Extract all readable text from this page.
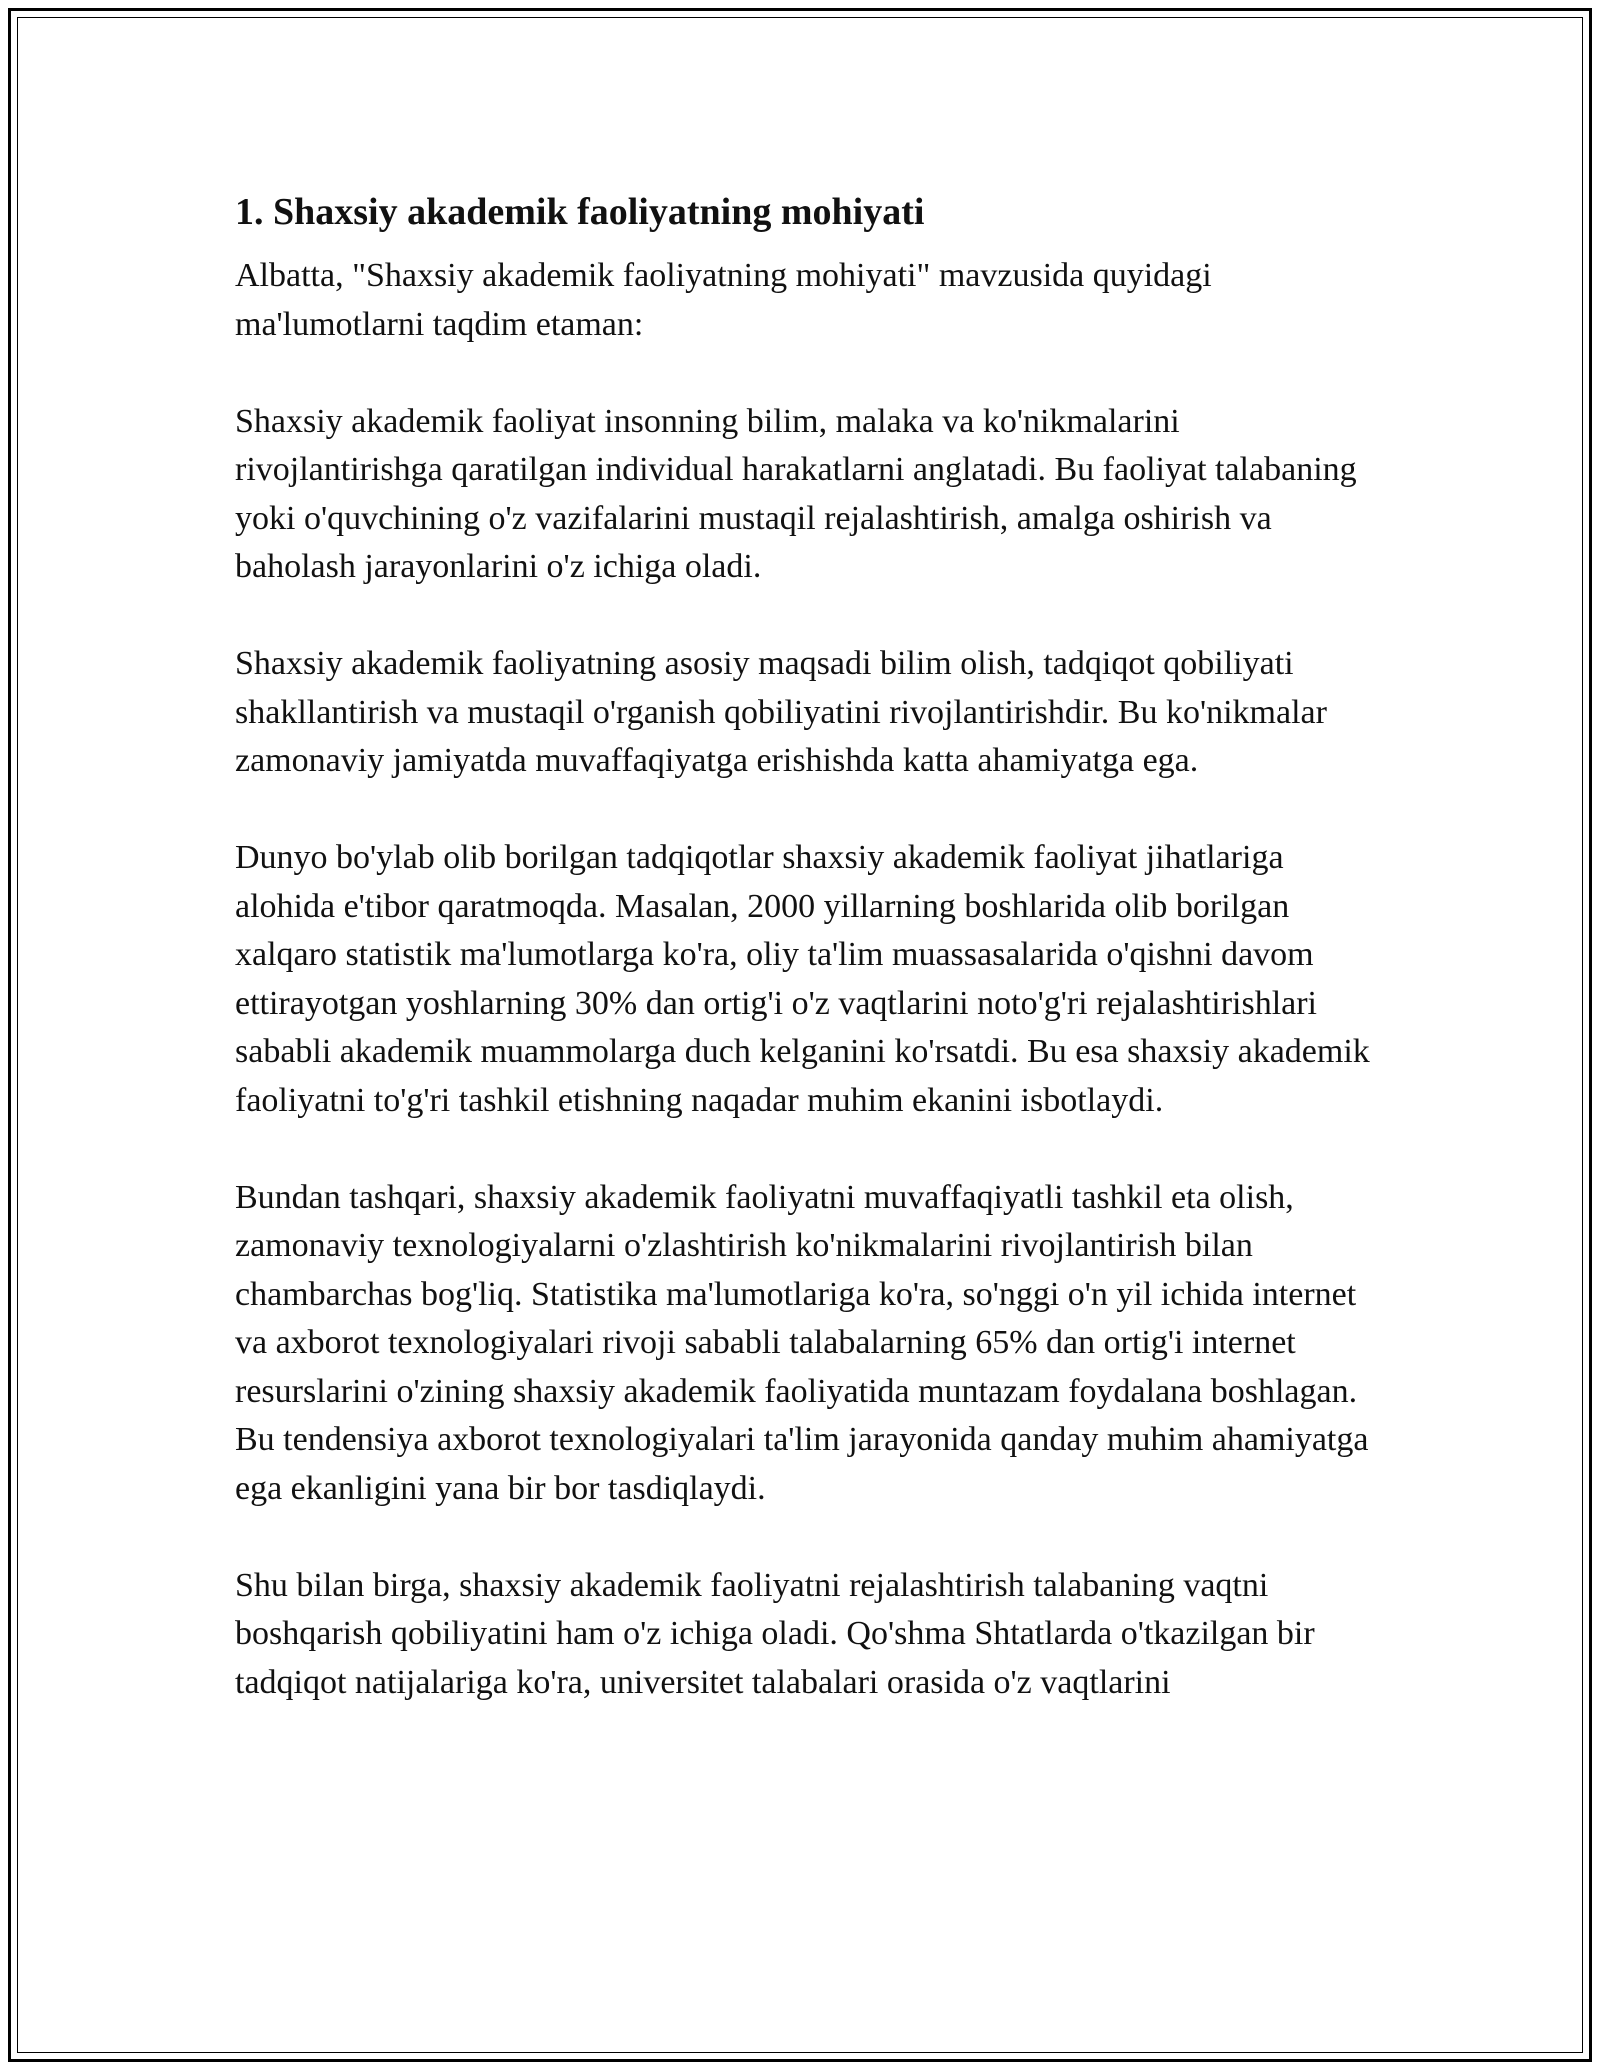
1. Shaxsiy akademik faoliyatning mohiyati

Albatta, "Shaxsiy akademik faoliyatning mohiyati" mavzusida quyidagi ma'lumotlarni taqdim etaman:

Shaxsiy akademik faoliyat insonning bilim, malaka va ko'nikmalarini rivojlantirishga qaratilgan individual harakatlarni anglatadi. Bu faoliyat talabaning yoki o'quvchining o'z vazifalarini mustaqil rejalashtirish, amalga oshirish va baholash jarayonlarini o'z ichiga oladi.

Shaxsiy akademik faoliyatning asosiy maqsadi bilim olish, tadqiqot qobiliyati shakllantirish va mustaqil o'rganish qobiliyatini rivojlantirishdir. Bu ko'nikmalar zamonaviy jamiyatda muvaffaqiyatga erishishda katta ahamiyatga ega.

Dunyo bo'ylab olib borilgan tadqiqotlar shaxsiy akademik faoliyat jihatlariga alohida e'tibor qaratmoqda. Masalan, 2000 yillarning boshlarida olib borilgan xalqaro statistik ma'lumotlarga ko'ra, oliy ta'lim muassasalarida o'qishni davom ettirayotgan yoshlarning 30% dan ortig'i o'z vaqtlarini noto'g'ri rejalashtirishlari sababli akademik muammolarga duch kelganini ko'rsatdi. Bu esa shaxsiy akademik faoliyatni to'g'ri tashkil etishning naqadar muhim ekanini isbotlaydi.

Bundan tashqari, shaxsiy akademik faoliyatni muvaffaqiyatli tashkil eta olish, zamonaviy texnologiyalarni o'zlashtirish ko'nikmalarini rivojlantirish bilan chambarchas bog'liq. Statistika ma'lumotlariga ko'ra, so'nggi o'n yil ichida internet va axborot texnologiyalari rivoji sababli talabalarning 65% dan ortig'i internet resurslarini o'zining shaxsiy akademik faoliyatida muntazam foydalana boshlagan. Bu tendensiya axborot texnologiyalari ta'lim jarayonida qanday muhim ahamiyatga ega ekanligini yana bir bor tasdiqlaydi.

Shu bilan birga, shaxsiy akademik faoliyatni rejalashtirish talabaning vaqtni boshqarish qobiliyatini ham o'z ichiga oladi. Qo'shma Shtatlarda o'tkazilgan bir tadqiqot natijalariga ko'ra, universitet talabalari orasida o'z vaqtlarini
